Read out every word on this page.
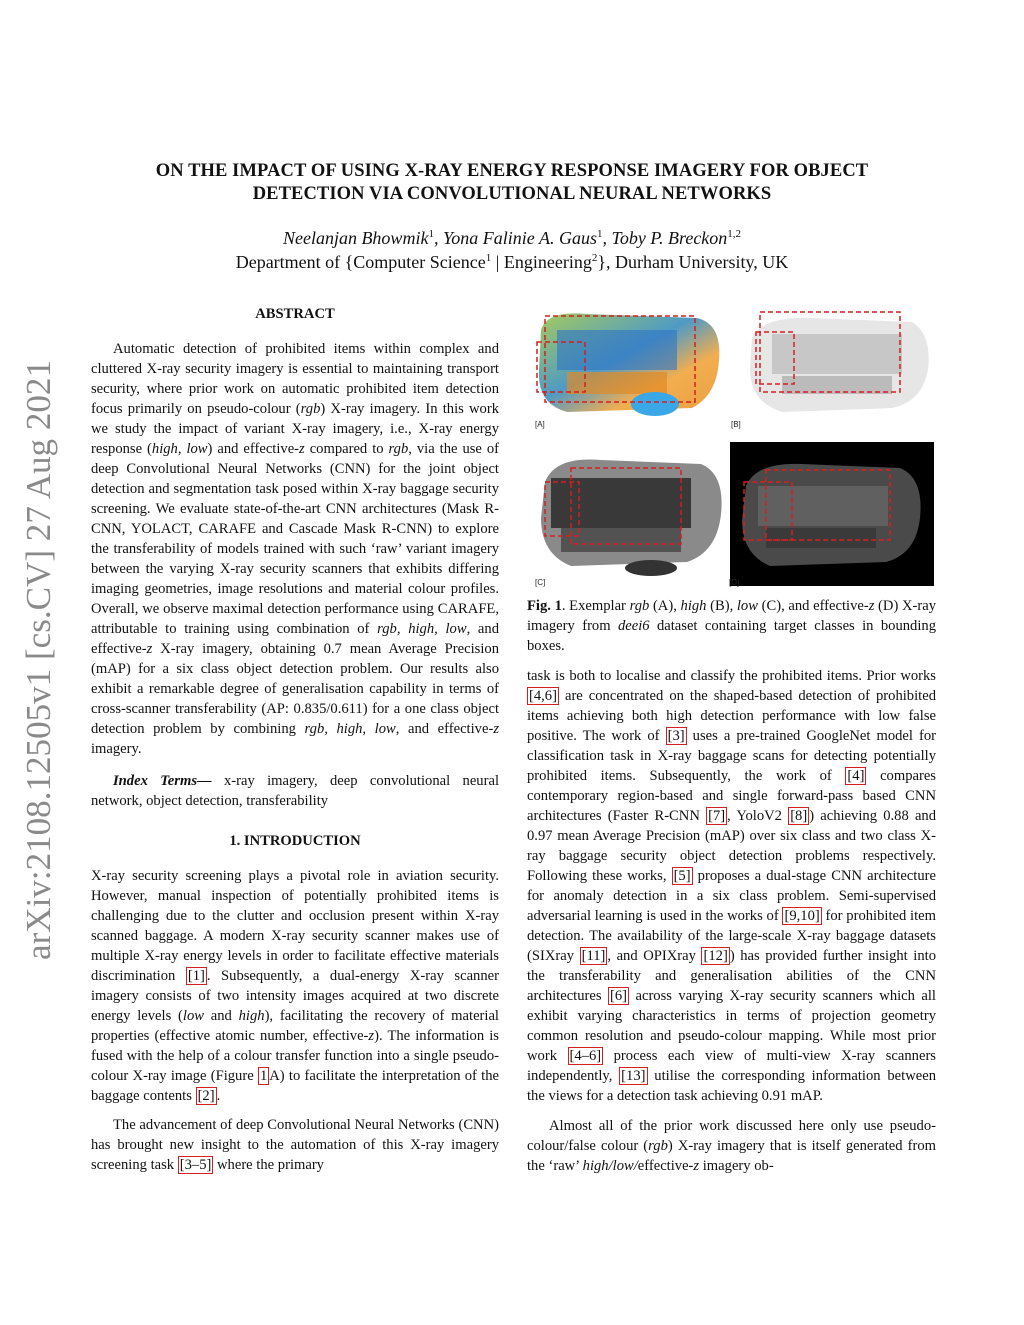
arXiv:2108.12505v1 [cs.CV] 27 Aug 2021
ON THE IMPACT OF USING X-RAY ENERGY RESPONSE IMAGERY FOR OBJECT
DETECTION VIA CONVOLUTIONAL NEURAL NETWORKS
Neelanjan Bhowmik$^1$, Yona Falinie A. Gaus$^1$, Toby P. Breckon$^{1,2}$
Department of {Computer Science$^1$ | Engineering$^2$}, Durham University, UK

ABSTRACT

Automatic detection of prohibited items within complex and cluttered X-ray security imagery is essential to maintaining transport security, where prior work on automatic prohibited item detection focus primarily on pseudo-colour (rgb) X-ray imagery. In this work we study the impact of variant X-ray imagery, i.e., X-ray energy response (high, low) and effective-z compared to rgb, via the use of deep Convolutional Neural Networks (CNN) for the joint object detection and segmentation task posed within X-ray baggage security screening. We evaluate state-of-the-art CNN architectures (Mask R-CNN, YOLACT, CARAFE and Cascade Mask R-CNN) to explore the transferability of models trained with such ‘raw’ variant imagery between the varying X-ray security scanners that exhibits differing imaging geometries, image resolutions and material colour profiles. Overall, we observe maximal detection performance using CARAFE, attributable to training using combination of rgb, high, low, and effective-z X-ray imagery, obtaining 0.7 mean Average Precision (mAP) for a six class object detection problem. Our results also exhibit a remarkable degree of generalisation capability in terms of cross-scanner transferability (AP: 0.835/0.611) for a one class object detection problem by combining rgb, high, low, and effective-z imagery.

Index Terms— x-ray imagery, deep convolutional neural network, object detection, transferability

1. INTRODUCTION

X-ray security screening plays a pivotal role in aviation security. However, manual inspection of potentially prohibited items is challenging due to the clutter and occlusion present within X-ray scanned baggage. A modern X-ray security scanner makes use of multiple X-ray energy levels in order to facilitate effective materials discrimination [1] . Subsequently, a dual-energy X-ray scanner imagery consists of two intensity images acquired at two discrete energy levels (low and high), facilitating the recovery of material properties (effective atomic number, effective-z). The information is fused with the help of a colour transfer function into a single pseudo-colour X-ray image (Figure 1 A) to facilitate the interpretation of the baggage contents [2] .

The advancement of deep Convolutional Neural Networks (CNN) has brought new insight to the automation of this X-ray imagery screening task [3–5] where the primary

[A]	[B]
[C]	[D]
Fig. 1. Exemplar rgb (A), high (B), low (C), and effective-z (D) X-ray imagery from deei6 dataset containing target classes in bounding boxes.

task is both to localise and classify the prohibited items. Prior works [4,6] are concentrated on the shaped-based detection of prohibited items achieving both high detection performance with low false positive. The work of [3] uses a pre-trained GoogleNet model for classification task in X-ray baggage scans for detecting potentially prohibited items. Subsequently, the work of [4] compares contemporary region-based and single forward-pass based CNN architectures (Faster R-CNN [7] , YoloV2 [8] ) achieving 0.88 and 0.97 mean Average Precision (mAP) over six class and two class X-ray baggage security object detection problems respectively. Following these works, [5] proposes a dual-stage CNN architecture for anomaly detection in a six class problem. Semi-supervised adversarial learning is used in the works of [9,10] for prohibited item detection. The availability of the large-scale X-ray baggage datasets (SIXray [11] , and OPIXray [12] ) has provided further insight into the transferability and generalisation abilities of the CNN architectures [6] across varying X-ray security scanners which all exhibit varying characteristics in terms of projection geometry common resolution and pseudo-colour mapping. While most prior work [4–6] process each view of multi-view X-ray scanners independently, [13] utilise the corresponding information between the views for a detection task achieving 0.91 mAP.

Almost all of the prior work discussed here only use pseudo-colour/false colour (rgb) X-ray imagery that is itself generated from the ‘raw’ high/low/effective-z imagery ob-
